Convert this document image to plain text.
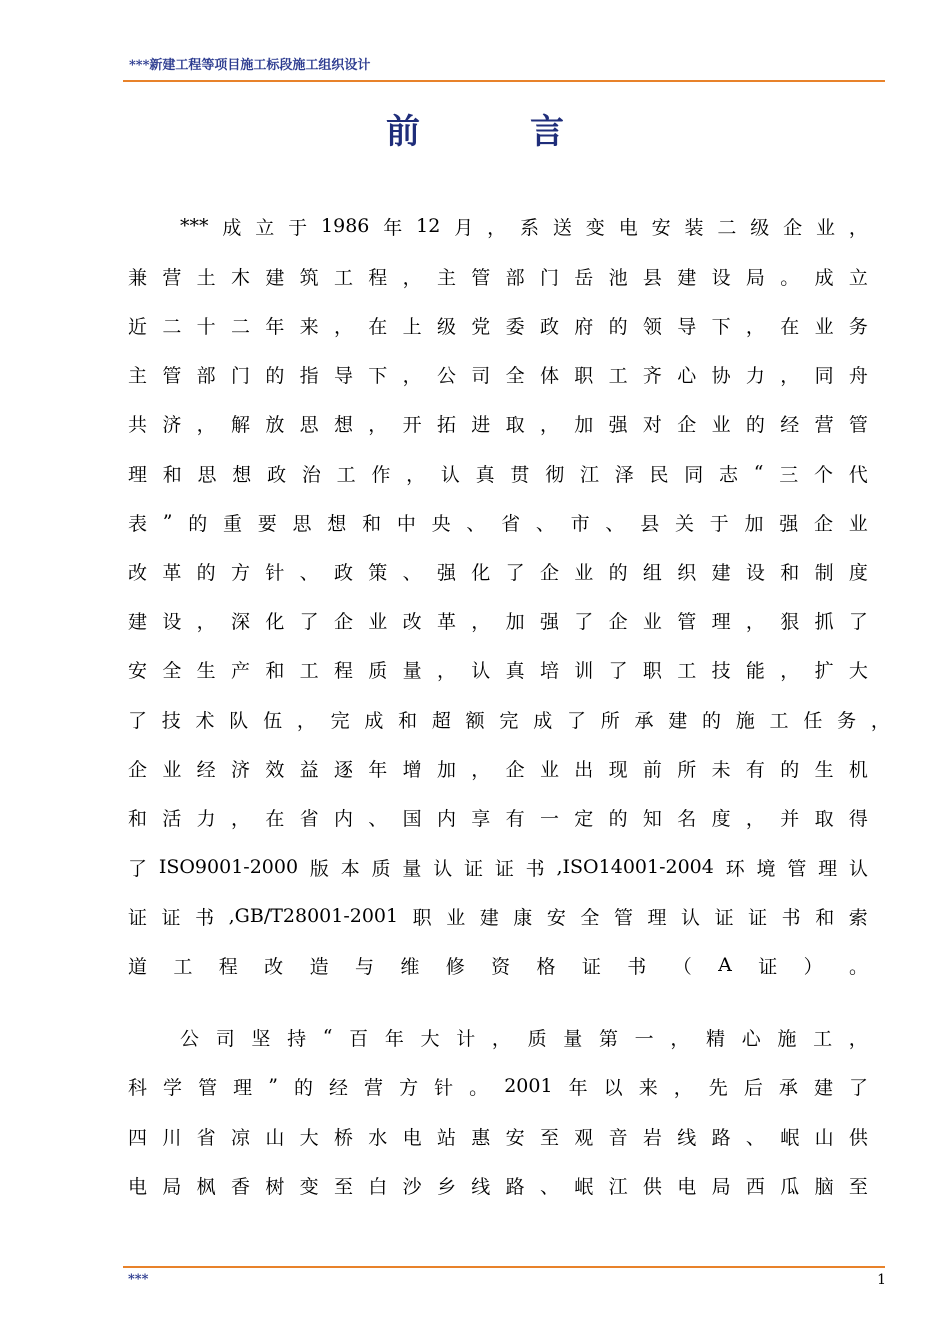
***新建工程等项目施工标段施工组织设计
前言
*** 成 立 于 1986 年 12 月 ， 系 送 变 电 安 装 二 级 企 业 ，
兼 营 土 木 建 筑 工 程 ， 主 管 部 门 岳 池 县 建 设 局 。 成 立
近 二 十 二 年 来 ， 在 上 级 党 委 政 府 的 领 导 下 ， 在 业 务
主 管 部 门 的 指 导 下 ， 公 司 全 体 职 工 齐 心 协 力 ， 同 舟
共 济 ， 解 放 思 想 ， 开 拓 进 取 ， 加 强 对 企 业 的 经 营 管
理 和 思 想 政 治 工 作 ， 认 真 贯 彻 江 泽 民 同 志 “ 三 个 代
表 ” 的 重 要 思 想 和 中 央 、 省 、 市 、 县 关 于 加 强 企 业
改 革 的 方 针 、 政 策 、 强 化 了 企 业 的 组 织 建 设 和 制 度
建 设 ， 深 化 了 企 业 改 革 ， 加 强 了 企 业 管 理 ， 狠 抓 了
安 全 生 产 和 工 程 质 量 ， 认 真 培 训 了 职 工 技 能 ， 扩 大
了 技 术 队 伍 ， 完 成 和 超 额 完 成 了 所 承 建 的 施 工 任 务 ，
企 业 经 济 效 益 逐 年 增 加 ， 企 业 出 现 前 所 未 有 的 生 机
和 活 力 ， 在 省 内 、 国 内 享 有 一 定 的 知 名 度 ， 并 取 得
了 ISO9001-2000 版 本 质 量 认 证 证 书 ,ISO14001-2004 环 境 管 理 认
证 证 书 ,GB/T28001-2001 职 业 建 康 安 全 管 理 认 证 证 书 和 索
道 工 程 改 造 与 维 修 资 格 证 书 （ A 证 ） 。
公 司 坚 持 “ 百 年 大 计 ， 质 量 第 一 ， 精 心 施 工 ，
科 学 管 理 ” 的 经 营 方 针 。 2001 年 以 来 ， 先 后 承 建 了
四 川 省 凉 山 大 桥 水 电 站 惠 安 至 观 音 岩 线 路 、 岷 山 供
电 局 枫 香 树 变 至 白 沙 乡 线 路 、 岷 江 供 电 局 西 瓜 脑 至
***	1
